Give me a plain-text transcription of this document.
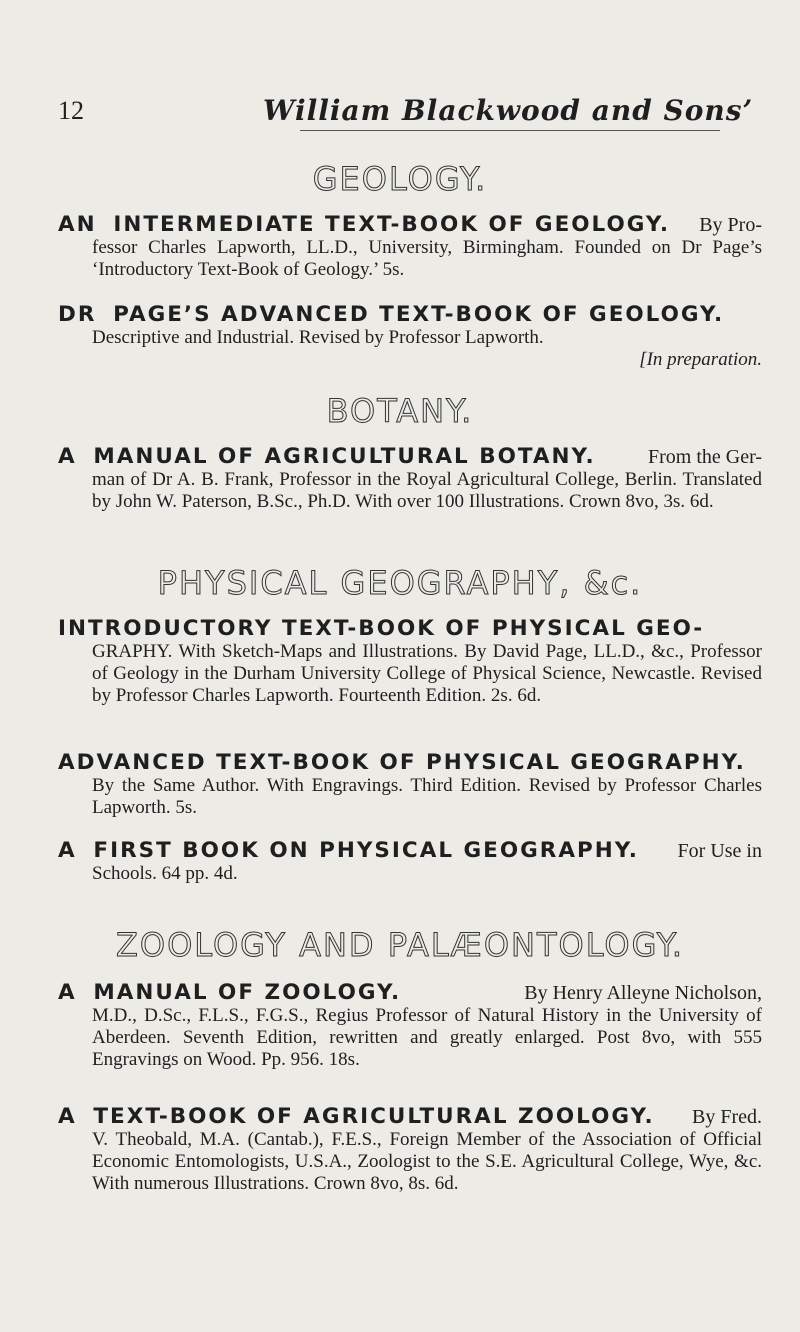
12	William Blackwood and Sons’
GEOLOGY.
AN INTERMEDIATE TEXT-BOOK OF GEOLOGY. By Pro-
fessor Charles Lapworth, LL.D., University, Birmingham. Founded on Dr Page’s ‘Introductory Text-Book of Geology.’ 5s.
DR PAGE’S ADVANCED TEXT-BOOK OF GEOLOGY.
Descriptive and Industrial. Revised by Professor Lapworth.
[In preparation.
BOTANY.
A MANUAL OF AGRICULTURAL BOTANY.	From the Ger-
man of Dr A. B. Frank, Professor in the Royal Agricultural College, Berlin. Translated by John W. Paterson, B.Sc., Ph.D. With over 100 Illustrations. Crown 8vo, 3s. 6d.
PHYSICAL GEOGRAPHY, &c.
INTRODUCTORY TEXT-BOOK OF PHYSICAL GEO-
GRAPHY. With Sketch-Maps and Illustrations. By David Page, LL.D., &c., Professor of Geology in the Durham University College of Physical Science, Newcastle. Revised by Professor Charles Lapworth. Fourteenth Edition. 2s. 6d.
ADVANCED TEXT-BOOK OF PHYSICAL GEOGRAPHY.
By the Same Author. With Engravings. Third Edition. Revised by Professor Charles Lapworth. 5s.
A FIRST BOOK ON PHYSICAL GEOGRAPHY. For Use in
Schools. 64 pp. 4d.
ZOOLOGY AND PALÆONTOLOGY.
A MANUAL OF ZOOLOGY.	By Henry Alleyne Nicholson,
M.D., D.Sc., F.L.S., F.G.S., Regius Professor of Natural History in the University of Aberdeen. Seventh Edition, rewritten and greatly enlarged. Post 8vo, with 555 Engravings on Wood. Pp. 956. 18s.
A TEXT-BOOK OF AGRICULTURAL ZOOLOGY. By Fred.
V. Theobald, M.A. (Cantab.), F.E.S., Foreign Member of the Association of Official Economic Entomologists, U.S.A., Zoologist to the S.E. Agricultural College, Wye, &c. With numerous Illustrations. Crown 8vo, 8s. 6d.
